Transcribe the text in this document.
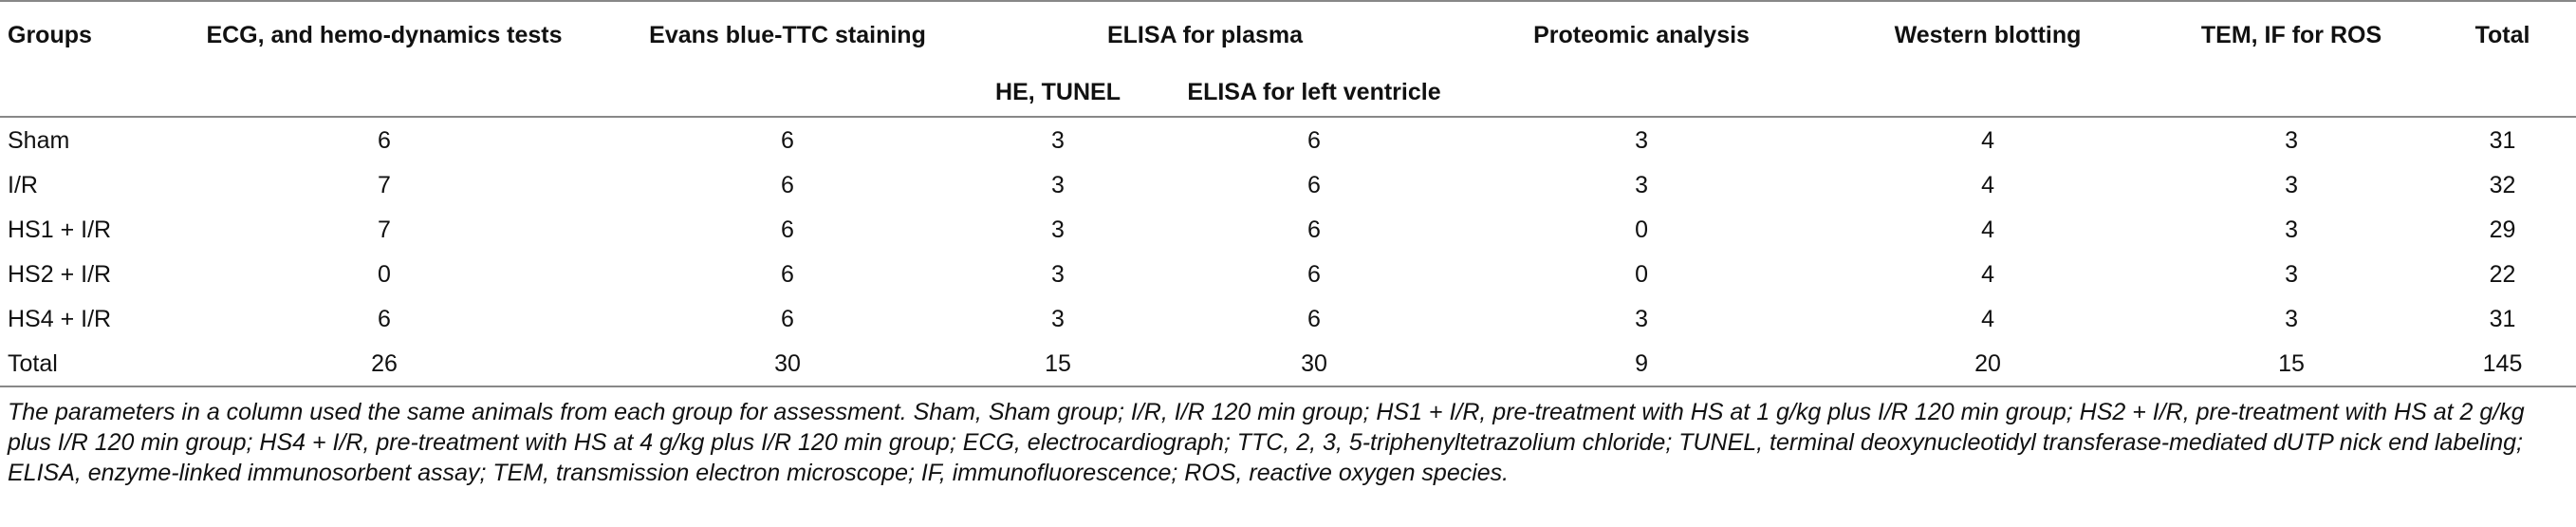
Groups	ECG, and hemo-dynamics tests	Evans blue-TTC staining	ELISA for plasma		Proteomic analysis	Western blotting	TEM, IF for ROS	Total
			HE, TUNEL	ELISA for left ventricle				
Sham	6	6	3	6	3	4	3	31
I/R	7	6	3	6	3	4	3	32
HS1 + I/R	7	6	3	6	0	4	3	29
HS2 + I/R	0	6	3	6	0	4	3	22
HS4 + I/R	6	6	3	6	3	4	3	31
Total	26	30	15	30	9	20	15	145
The parameters in a column used the same animals from each group for assessment. Sham, Sham group; I/R, I/R 120 min group; HS1 + I/R, pre-treatment with HS at 1 g/kg plus I/R 120 min group; HS2 + I/R, pre-treatment with HS at 2 g/kg plus I/R 120 min group; HS4 + I/R, pre-treatment with HS at 4 g/kg plus I/R 120 min group; ECG, electrocardiograph; TTC, 2, 3, 5-triphenyltetrazolium chloride; TUNEL, terminal deoxynucleotidyl transferase-mediated dUTP nick end labeling; ELISA, enzyme-linked immunosorbent assay; TEM, transmission electron microscope; IF, immunofluorescence; ROS, reactive oxygen species.
